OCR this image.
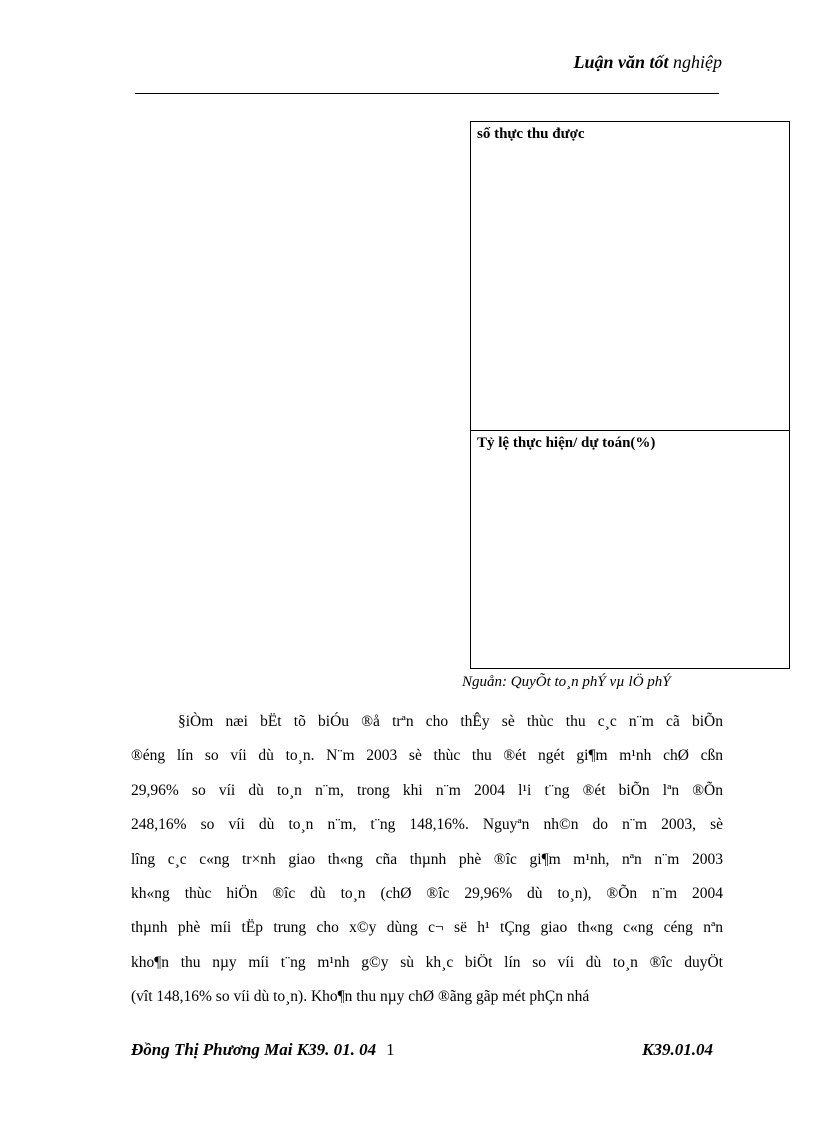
Luận văn tốt nghiệp
số thực thu được
Tỷ lệ thực hiện/ dự toán(%)
Nguån: QuyÕt to¸n phÝ vµ lÖ phÝ
§iÒm næi bËt tõ biÓu ®å trªn cho thÊy sè thùc thu c¸c n¨m cã biÕn
®éng lín so víi dù to¸n. N¨m 2003 sè thùc thu ®ét ngét gi¶m m¹nh chØ cßn
29,96% so víi dù to¸n n¨m, trong khi n¨m 2004 l¹i t¨ng ®ét biÕn lªn ®Õn
248,16% so víi dù to¸n n¨m, t¨ng 148,16%. Nguyªn nh©n do n¨m 2003, sè
lîng c¸c c«ng tr×nh giao th«ng cña thµnh phè ®îc gi¶m m¹nh, nªn n¨m 2003
kh«ng thùc hiÖn ®îc dù to¸n (chØ ®îc 29,96% dù to¸n), ®Õn n¨m 2004
thµnh phè míi tËp trung cho x©y dùng c¬ së h¹ tÇng giao th«ng c«ng céng nªn
kho¶n thu nµy míi t¨ng m¹nh g©y sù kh¸c biÖt lín so víi dù to¸n ®îc duyÖt
(vît 148,16% so víi dù to¸n). Kho¶n thu nµy chØ ®ãng gãp mét phÇn nhá
Đồng Thị Phương Mai K39. 01. 04 1	K39.01.04
